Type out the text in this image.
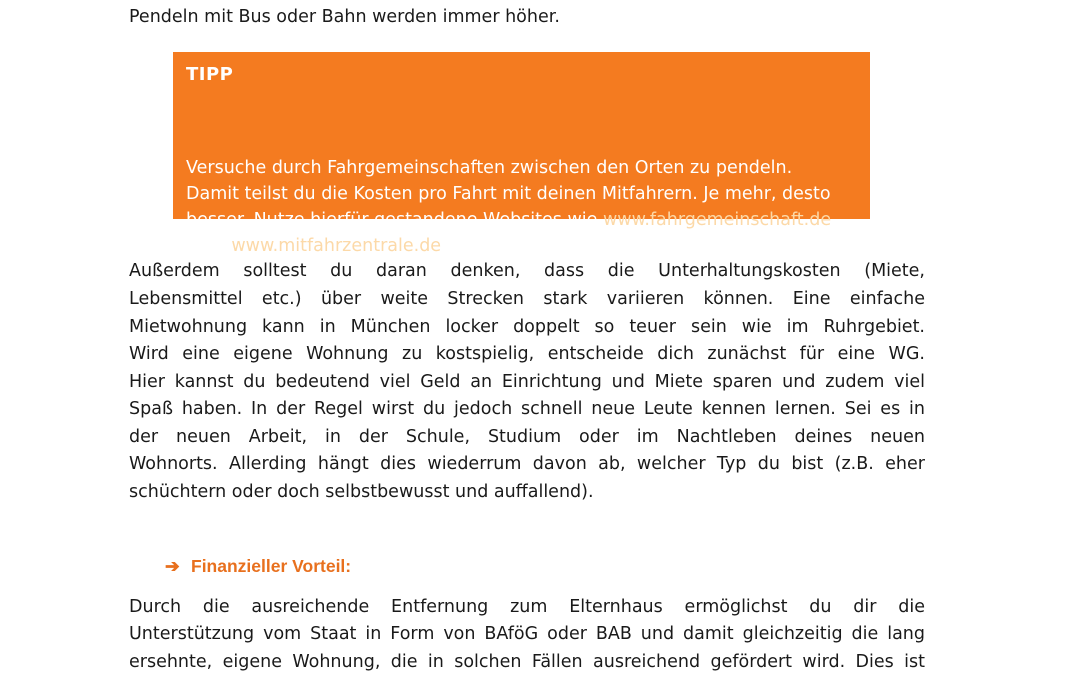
Pendeln mit Bus oder Bahn werden immer höher.
TIPP
Versuche durch Fahrgemeinschaften zwischen den Orten zu pendeln.
Damit teilst du die Kosten pro Fahrt mit deinen Mitfahrern. Je mehr, desto
besser. Nutze hierfür gestandene Websites wie www.fahrgemeinschaft.de
oder www.mitfahrzentrale.de völlig kostenlos.
Außerdem solltest du daran denken, dass die Unterhaltungskosten (Miete,
Lebensmittel etc.) über weite Strecken stark variieren können. Eine einfache
Mietwohnung kann in München locker doppelt so teuer sein wie im Ruhrgebiet.
Wird eine eigene Wohnung zu kostspielig, entscheide dich zunächst für eine WG.
Hier kannst du bedeutend viel Geld an Einrichtung und Miete sparen und zudem viel
Spaß haben. In der Regel wirst du jedoch schnell neue Leute kennen lernen. Sei es in
der neuen Arbeit, in der Schule, Studium oder im Nachtleben deines neuen
Wohnorts. Allerding hängt dies wiederrum davon ab, welcher Typ du bist (z.B. eher
schüchtern oder doch selbstbewusst und auffallend).
➔ Finanzieller Vorteil:
Durch die ausreichende Entfernung zum Elternhaus ermöglichst du dir die
Unterstützung vom Staat in Form von BAföG oder BAB und damit gleichzeitig die lang
ersehnte, eigene Wohnung, die in solchen Fällen ausreichend gefördert wird. Dies ist
